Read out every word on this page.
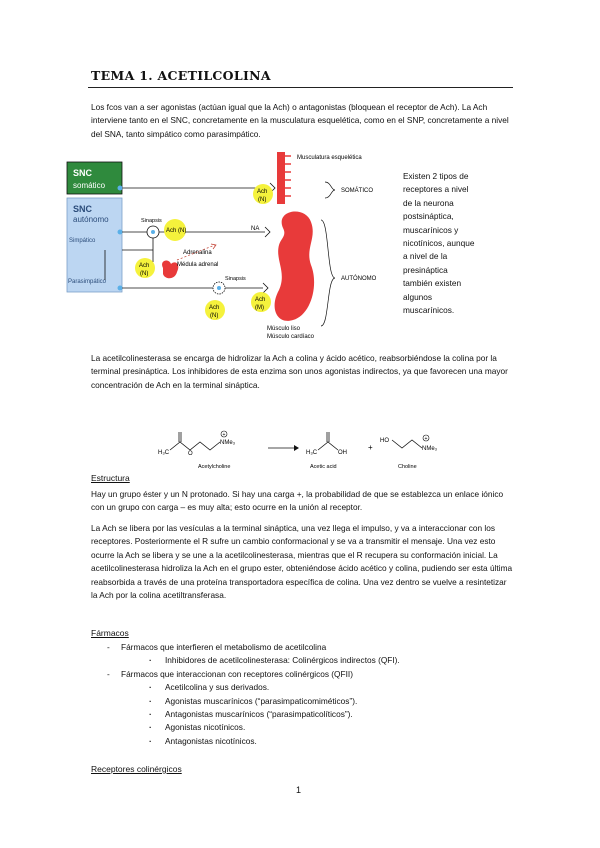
TEMA 1. ACETILCOLINA

Los fcos van a ser agonistas (actúan igual que la Ach) o antagonistas (bloquean el receptor de Ach). La Ach interviene tanto en el SNC, concretamente en la musculatura esquelética, como en el SNP, concretamente a nivel del SNA, tanto simpático como parasimpático.

SNC
somático
SNC
autónomo
Simpático
Parasimpático
Sinapsis
NA
Adrenalina
Médula adrenal
Sinapsis
Ach
(N)
Ach (N)
Ach
(N)
Ach
(N)
Ach
(M)
Musculatura esquelética
Músculo liso
Músculo cardíaco
SOMÁTICO
AUTÓNOMO
Existen 2 tipos de receptores a nivel de la neurona postsináptica, muscarínicos y nicotínicos, aunque a nivel de la presináptica también existen algunos muscarínicos.

La acetilcolinesterasa se encarga de hidrolizar la Ach a colina y ácido acético, reabsorbiéndose la colina por la terminal presináptica. Los inhibidores de esta enzima son unos agonistas indirectos, ya que favorecen una mayor concentración de Ach en la terminal sináptica.

H₃C	O
NMe₃
+
Acetylcholine
H₃C	OH
Acetic acid
+
HO
NMe₃
+
Choline
Estructura

Hay un grupo éster y un N protonado. Si hay una carga +, la probabilidad de que se establezca un enlace iónico con un grupo con carga – es muy alta; esto ocurre en la unión al receptor.

La Ach se libera por las vesículas a la terminal sináptica, una vez llega el impulso, y va a interaccionar con los receptores. Posteriormente el R sufre un cambio conformacional y se va a transmitir el mensaje. Una vez esto ocurre la Ach se libera y se une a la acetilcolinesterasa, mientras que el R recupera su conformación inicial. La acetilcolinesterasa hidroliza la Ach en el grupo ester, obteniéndose ácido acético y colina, pudiendo ser esta última reabsorbida a través de una proteína transportadora específica de colina. Una vez dentro se vuelve a resintetizar la Ach por la colina acetiltransferasa.

Fármacos
- Fármacos que interfieren el metabolismo de acetilcolina
· Inhibidores de acetilcolinesterasa: Colinérgicos indirectos (QFI).
- Fármacos que interaccionan con receptores colinérgicos (QFII)
· Acetilcolina y sus derivados.
· Agonistas muscarínicos (“parasimpaticomiméticos”).
· Antagonistas muscarínicos (“parasimpaticolíticos”).
· Agonistas nicotínicos.
· Antagonistas nicotínicos.
Receptores colinérgicos
1
